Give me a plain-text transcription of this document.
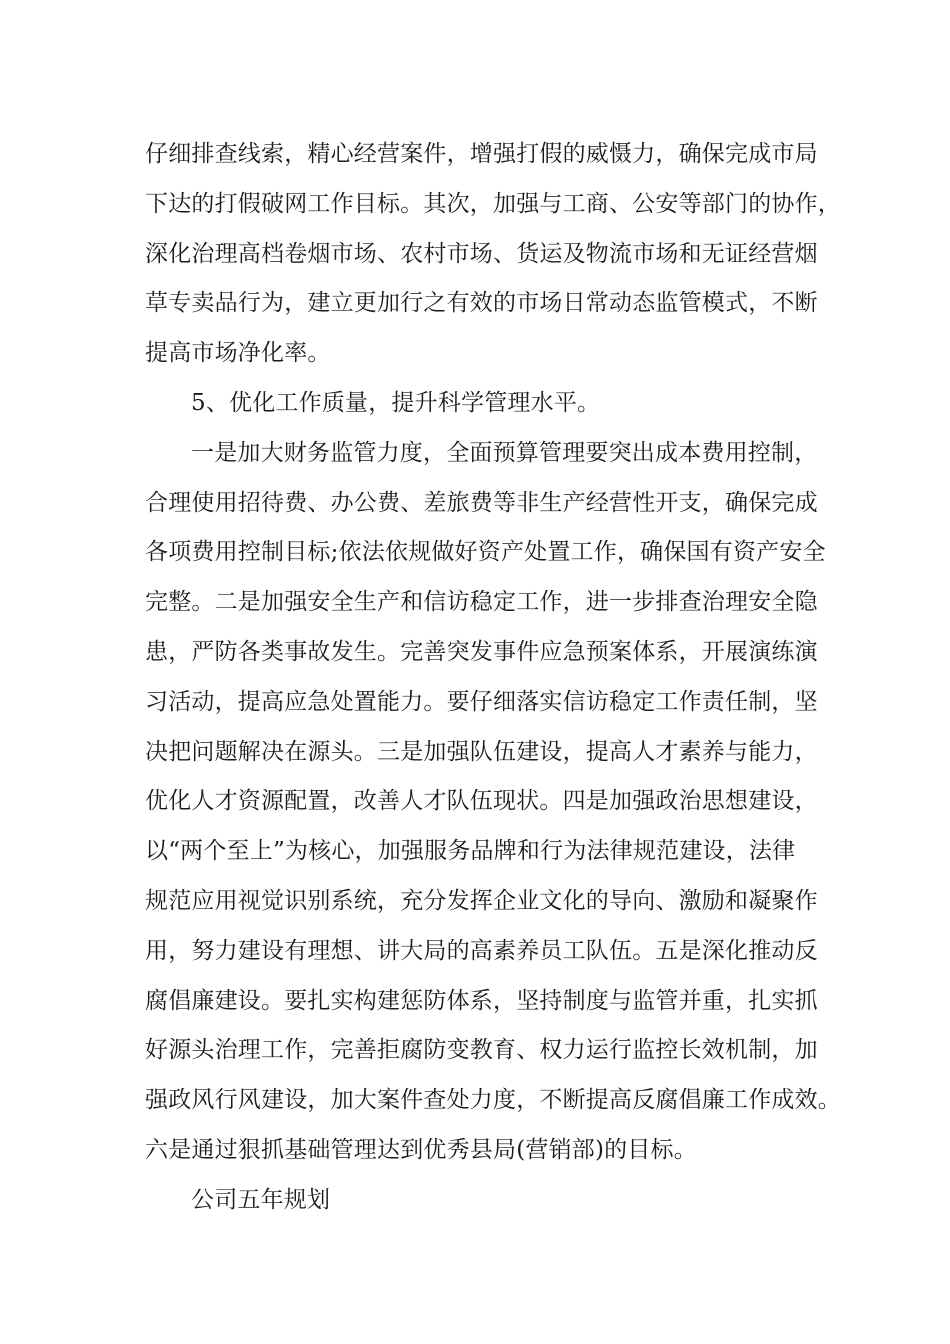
仔细排查线索，精心经营案件，增强打假的威慑力，确保完成市局
下达的打假破网工作目标。其次，加强与工商、公安等部门的协作，
深化治理高档卷烟市场、农村市场、货运及物流市场和无证经营烟
草专卖品行为，建立更加行之有效的市场日常动态监管模式，不断
提高市场净化率。
5、优化工作质量，提升科学管理水平。
一是加大财务监管力度，全面预算管理要突出成本费用控制，
合理使用招待费、办公费、差旅费等非生产经营性开支，确保完成
各项费用控制目标;依法依规做好资产处置工作，确保国有资产安全
完整。二是加强安全生产和信访稳定工作，进一步排查治理安全隐
患，严防各类事故发生。完善突发事件应急预案体系，开展演练演
习活动，提高应急处置能力。要仔细落实信访稳定工作责任制，坚
决把问题解决在源头。三是加强队伍建设，提高人才素养与能力，
优化人才资源配置，改善人才队伍现状。四是加强政治思想建设，
以“两个至上”为核心，加强服务品牌和行为法律规范建设，法律
规范应用视觉识别系统，充分发挥企业文化的导向、激励和凝聚作
用，努力建设有理想、讲大局的高素养员工队伍。五是深化推动反
腐倡廉建设。要扎实构建惩防体系，坚持制度与监管并重，扎实抓
好源头治理工作，完善拒腐防变教育、权力运行监控长效机制，加
强政风行风建设，加大案件查处力度，不断提高反腐倡廉工作成效。
六是通过狠抓基础管理达到优秀县局(营销部)的目标。
公司五年规划
